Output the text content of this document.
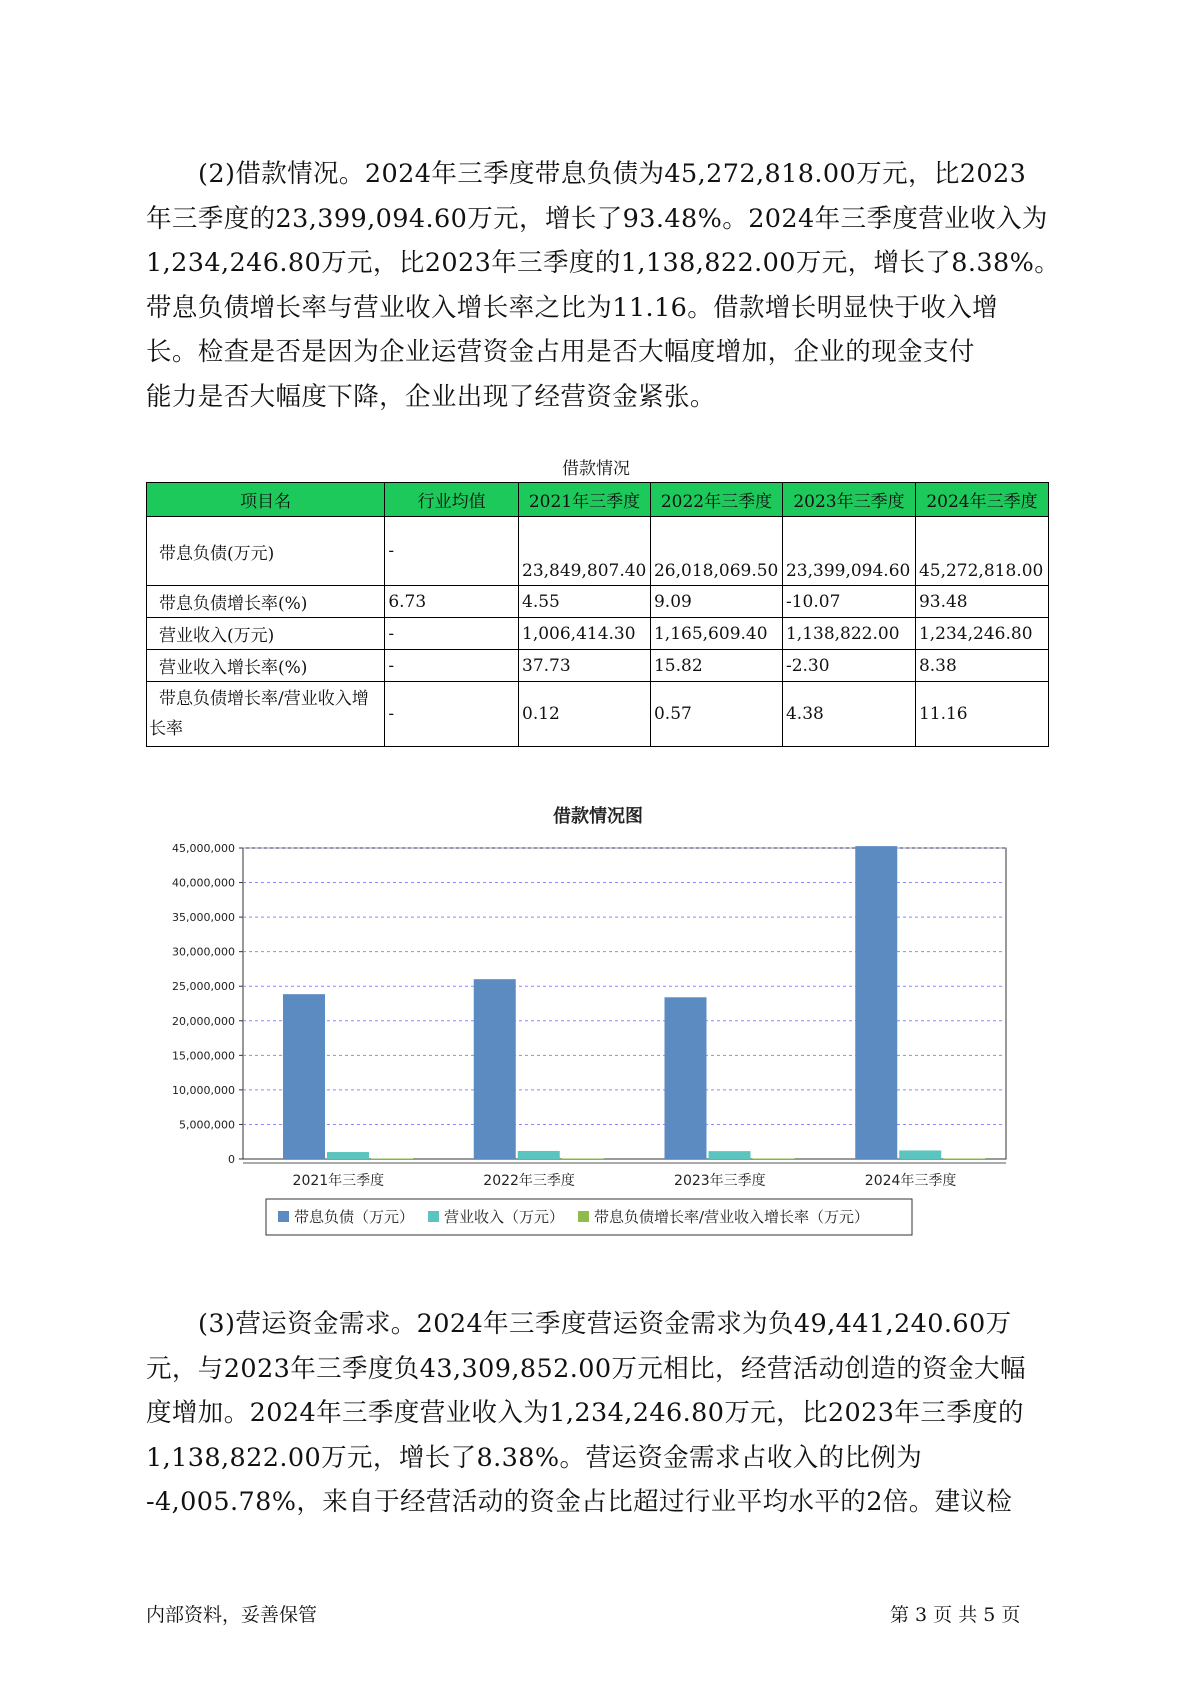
(2)借款情况。2024年三季度带息负债为45,272,818.00万元，比2023
年三季度的23,399,094.60万元，增长了93.48%。2024年三季度营业收入为
1,234,246.80万元，比2023年三季度的1,138,822.00万元，增长了8.38%。
带息负债增长率与营业收入增长率之比为11.16。借款增长明显快于收入增
长。检查是否是因为企业运营资金占用是否大幅度增加，企业的现金支付
能力是否大幅度下降，企业出现了经营资金紧张。

借款情况
项目名	行业均值	2021年三季度	2022年三季度	2023年三季度	2024年三季度
带息负债(万元)	-	23,849,807.40	26,018,069.50	23,399,094.60	45,272,818.00
带息负债增长率(%)	6.73	4.55	9.09	-10.07	93.48
营业收入(万元)	-	1,006,414.30	1,165,609.40	1,138,822.00	1,234,246.80
营业收入增长率(%)	-	37.73	15.82	-2.30	8.38
带息负债增长率/营业收入增长率	-	0.12	0.57	4.38	11.16
借款情况图
0
5,000,000
10,000,000
15,000,000
20,000,000
25,000,000
30,000,000
35,000,000
40,000,000
45,000,000
2021年三季度	2022年三季度	2023年三季度	2024年三季度
带息负债（万元） 营业收入（万元） 带息负债增长率/营业收入增长率（万元）

(3)营运资金需求。2024年三季度营运资金需求为负49,441,240.60万
元，与2023年三季度负43,309,852.00万元相比，经营活动创造的资金大幅
度增加。2024年三季度营业收入为1,234,246.80万元，比2023年三季度的
1,138,822.00万元，增长了8.38%。营运资金需求占收入的比例为
-4,005.78%，来自于经营活动的资金占比超过行业平均水平的2倍。建议检

内部资料，妥善保管	第 3 页 共 5 页
